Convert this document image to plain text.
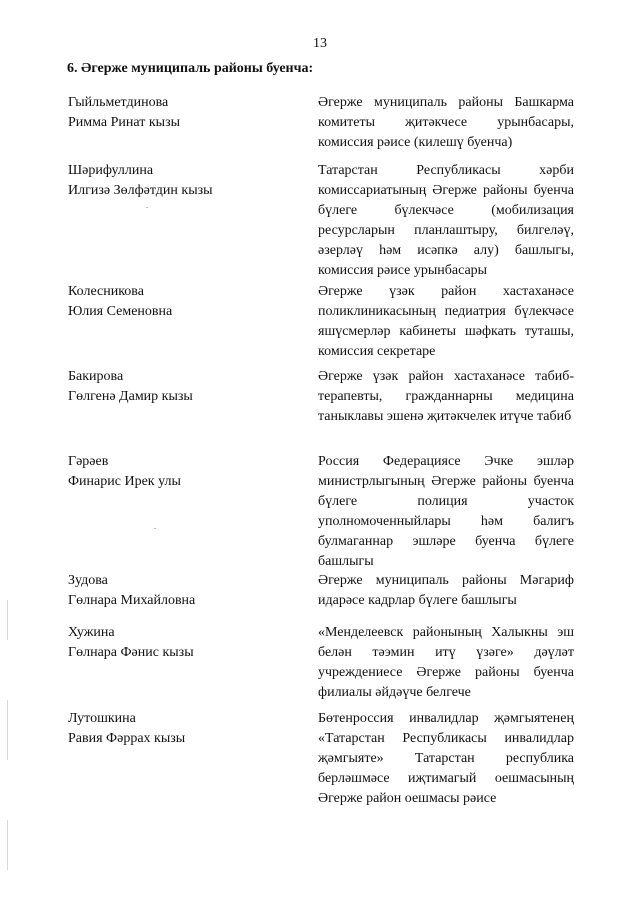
13
6. Әгерже муниципаль районы буенча:
Гыйльметдинова
Римма Ринат кызы
Әгерже муниципаль районы Башкарма комитеты җитәкчесе урынбасары, комиссия рәисе (килешү буенча)
Шәрифуллина
Илгизә Зөлфәтдин кызы
Татарстан Республикасы хәрби комиссариатының Әгерже районы буенча бүлеге бүлекчәсе (мобилизация ресурсларын планлаштыру, билгеләү, әзерләү һәм исәпкә алу) башлыгы, комиссия рәисе урынбасары
Колесникова
Юлия Семеновна
Әгерже үзәк район хастаханәсе поликлиникасының педиатрия бүлекчәсе яшүсмерләр кабинеты шәфкать туташы, комиссия секретаре
Бакирова
Гөлгенә Дамир кызы
Әгерже үзәк район хастаханәсе табибтерапевты, гражданнарны медицина таныклавы эшенә җитәкчелек итүче табиб
Гәрәев
Финарис Ирек улы
Россия Федерациясе Эчке эшләр министрлыгының Әгерже районы буенча бүлеге полиция участок уполномоченныйлары һәм балигъ булмаганнар эшләре буенча бүлеге башлыгы
Зудова
Гөлнара Михайловна
Әгерже муниципаль районы Мәгариф идарәсе кадрлар бүлеге башлыгы
Хужина
Гөлнара Фәнис кызы
«Менделеевск районының Халыкны эш белән тәэмин итү үзәге» дәүләт учреждениесе Әгерже районы буенча филиалы әйдәүче белгече
Лутошкина
Равия Фәррах кызы
Бөтенроссия инвалидлар җәмгыятенең «Татарстан Республикасы инвалидлар җәмгыяте» Татарстан республика берләшмәсе иҗтимагый оешмасының Әгерже район оешмасы рәисе
